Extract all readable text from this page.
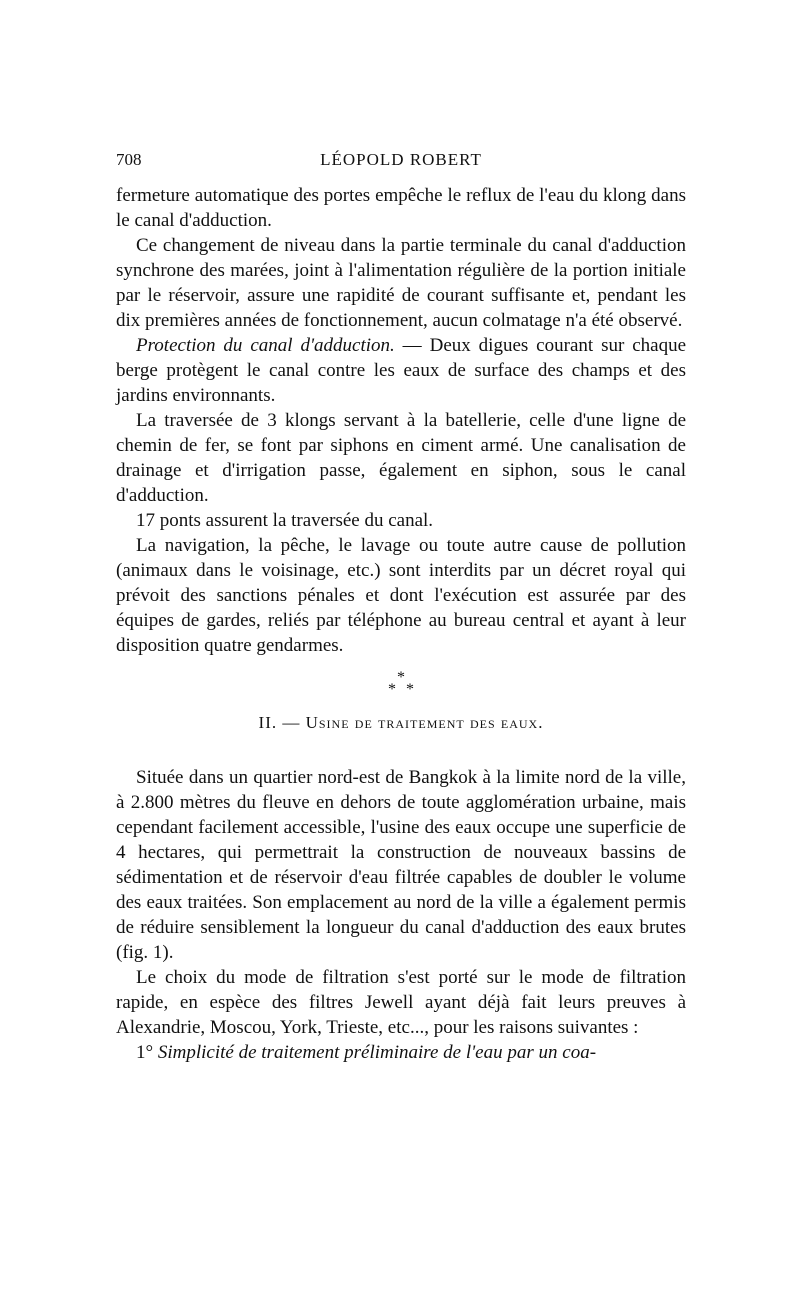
708	LÉOPOLD ROBERT

fermeture automatique des portes empêche le reflux de l'eau du klong dans le canal d'adduction.

Ce changement de niveau dans la partie terminale du canal d'adduction synchrone des marées, joint à l'alimentation régulière de la portion initiale par le réservoir, assure une rapidité de courant suffisante et, pendant les dix premières années de fonctionnement, aucun colmatage n'a été observé.

Protection du canal d'adduction. — Deux digues courant sur chaque berge protègent le canal contre les eaux de surface des champs et des jardins environnants.

La traversée de 3 klongs servant à la batellerie, celle d'une ligne de chemin de fer, se font par siphons en ciment armé. Une canalisation de drainage et d'irrigation passe, également en siphon, sous le canal d'adduction.

17 ponts assurent la traversée du canal.

La navigation, la pêche, le lavage ou toute autre cause de pollution (animaux dans le voisinage, etc.) sont interdits par un décret royal qui prévoit des sanctions pénales et dont l'exécution est assurée par des équipes de gardes, reliés par téléphone au bureau central et ayant à leur disposition quatre gendarmes.

*
* *
II. — Usine de traitement des eaux.

Située dans un quartier nord-est de Bangkok à la limite nord de la ville, à 2.800 mètres du fleuve en dehors de toute agglomération urbaine, mais cependant facilement accessible, l'usine des eaux occupe une superficie de 4 hectares, qui permettrait la construction de nouveaux bassins de sédimentation et de réservoir d'eau filtrée capables de doubler le volume des eaux traitées. Son emplacement au nord de la ville a également permis de réduire sensiblement la longueur du canal d'adduction des eaux brutes (fig. 1).

Le choix du mode de filtration s'est porté sur le mode de filtration rapide, en espèce des filtres Jewell ayant déjà fait leurs preuves à Alexandrie, Moscou, York, Trieste, etc..., pour les raisons suivantes :

1° Simplicité de traitement préliminaire de l'eau par un coa-
